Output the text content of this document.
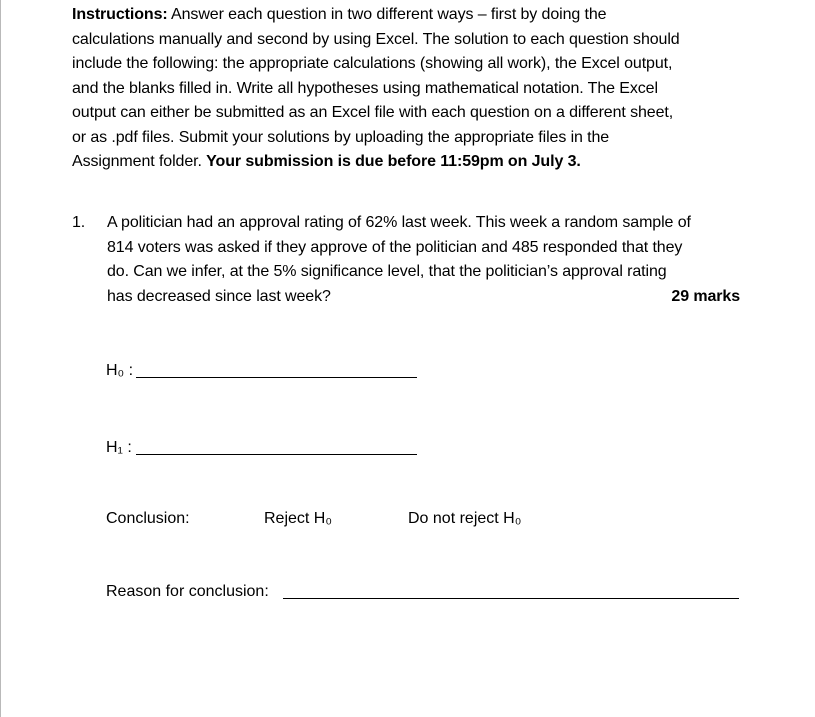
Instructions: Answer each question in two different ways – first by doing the
calculations manually and second by using Excel. The solution to each question should
include the following: the appropriate calculations (showing all work), the Excel output,
and the blanks filled in. Write all hypotheses using mathematical notation. The Excel
output can either be submitted as an Excel file with each question on a different sheet,
or as .pdf files. Submit your solutions by uploading the appropriate files in the
Assignment folder. Your submission is due before 11:59pm on July 3.
1. A politician had an approval rating of 62% last week. This week a random sample of
814 voters was asked if they approve of the politician and 485 responded that they
do. Can we infer, at the 5% significance level, that the politician’s approval rating
has decreased since last week?	29 marks
H₀ :
H₁ :
Conclusion:	Reject H₀	Do not reject H₀
Reason for conclusion:
